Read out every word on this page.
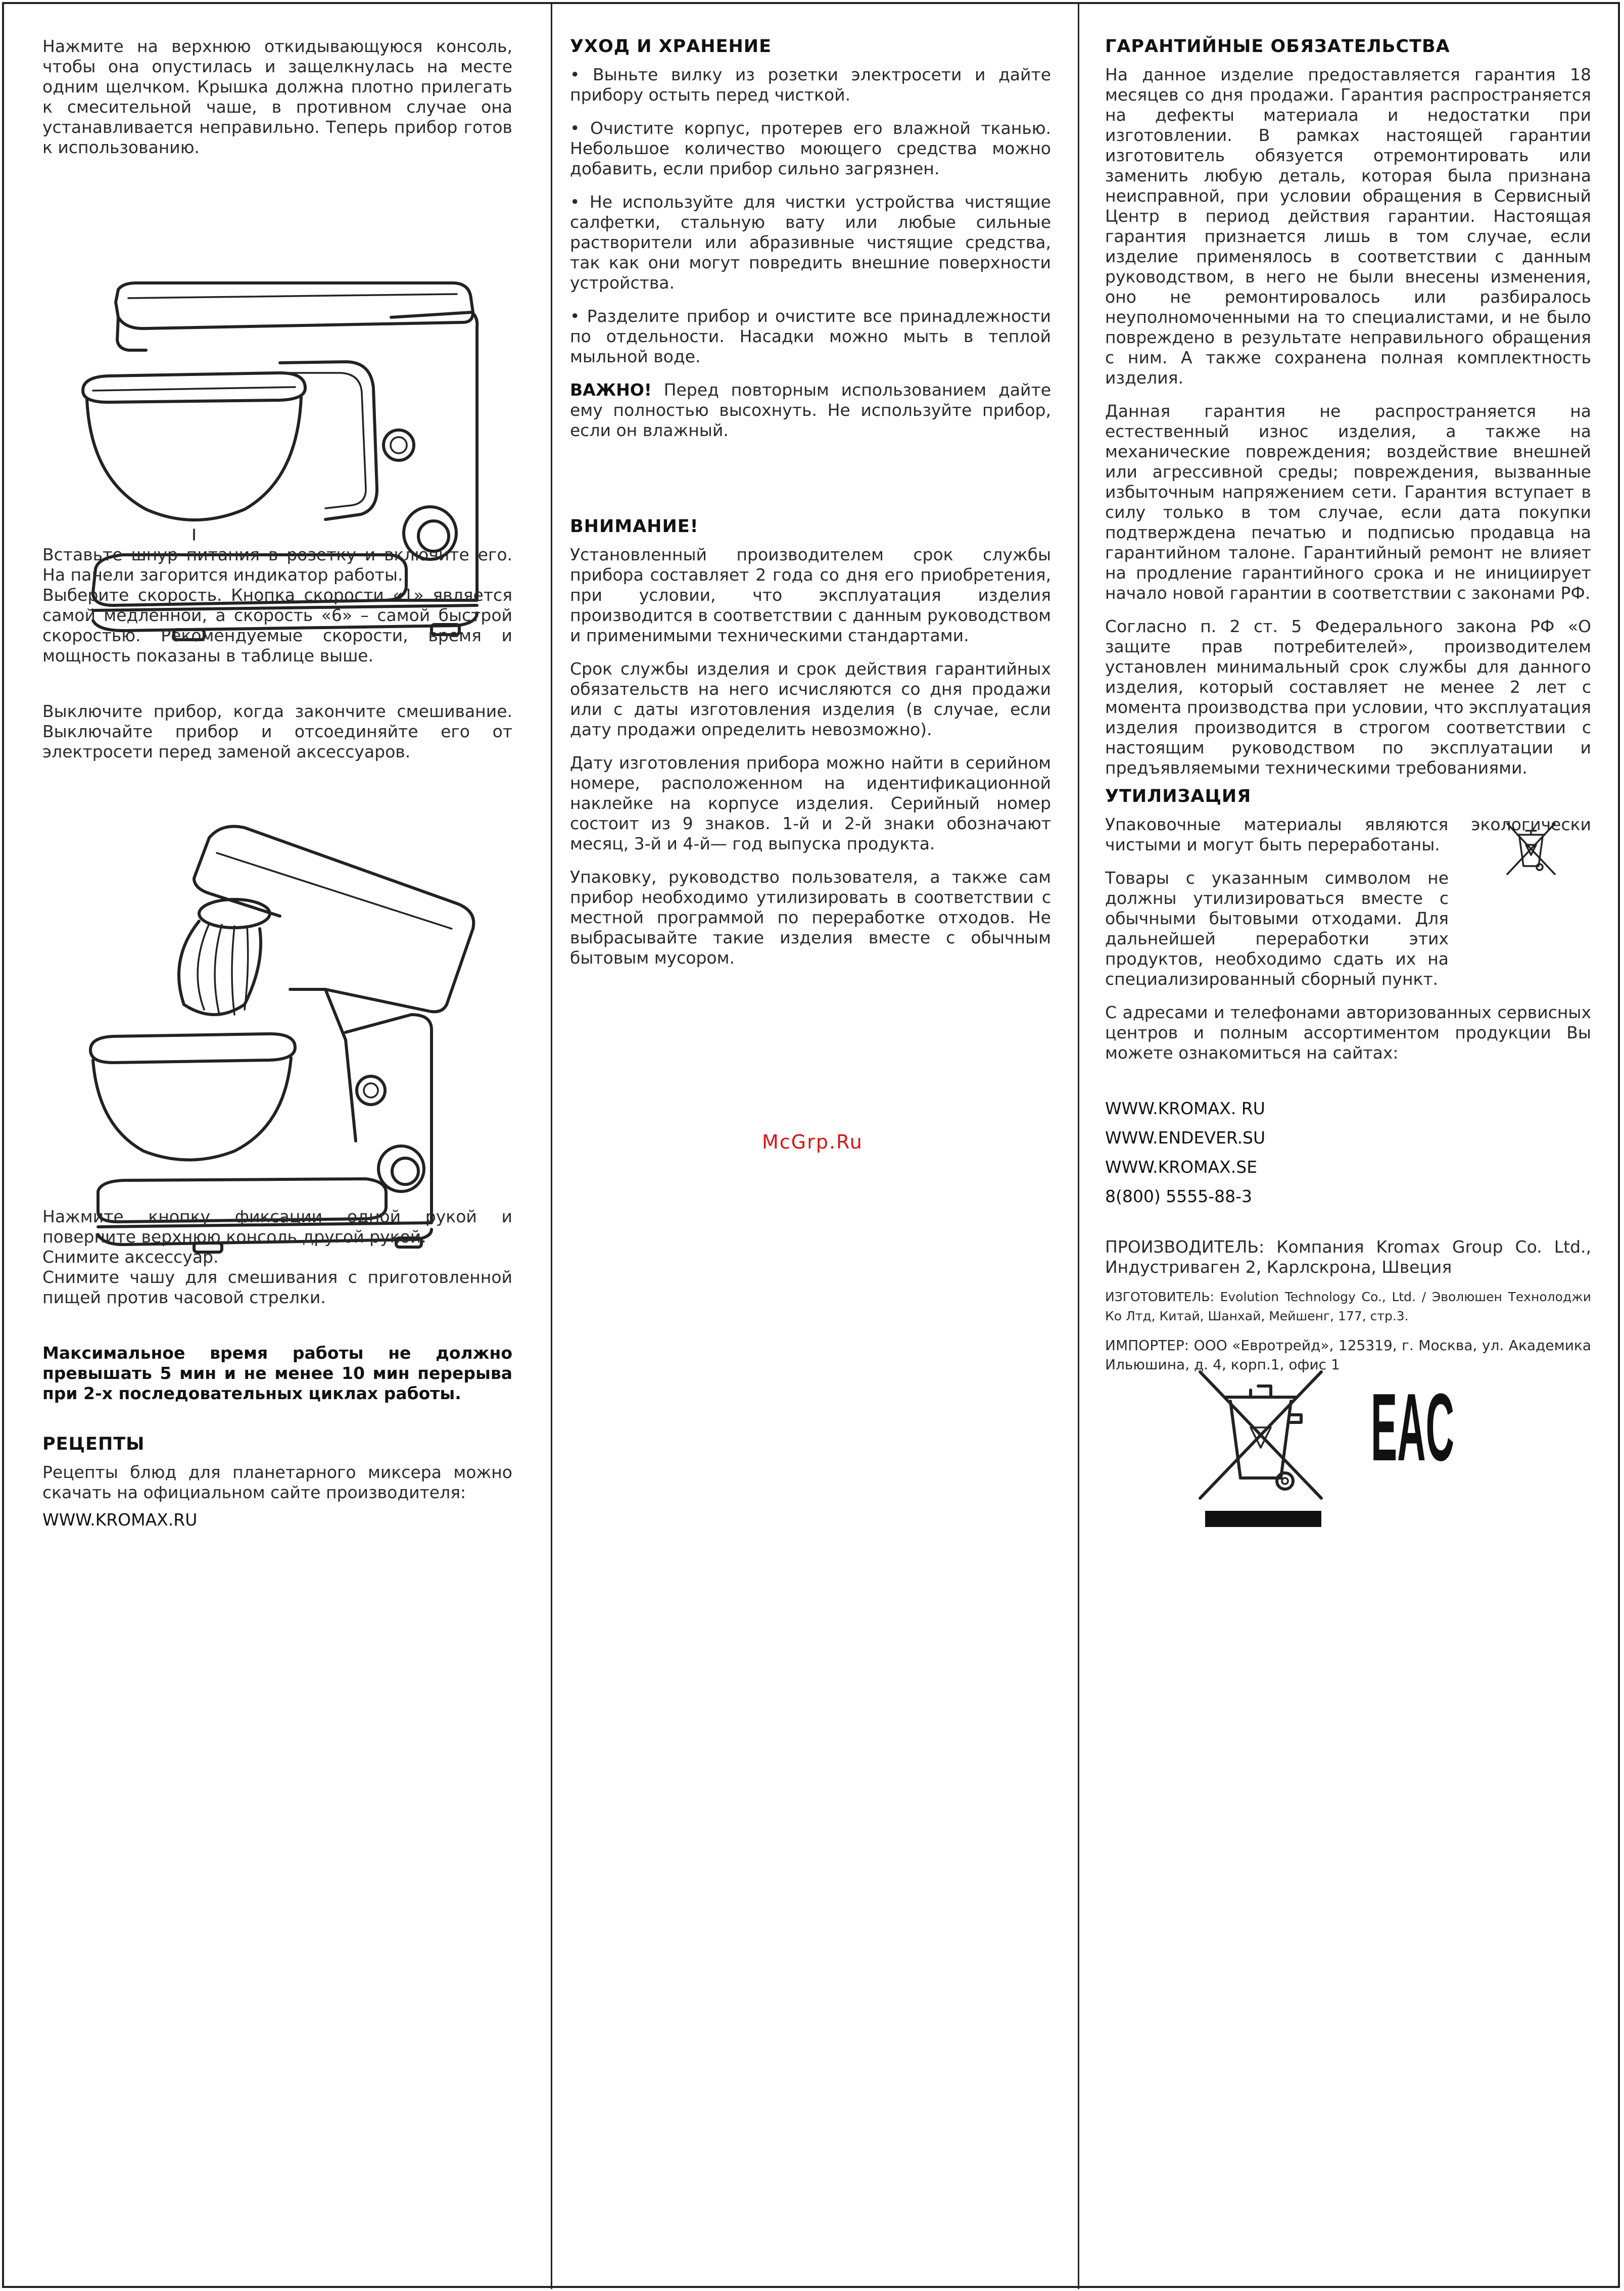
Нажмите на верхнюю откидывающуюся консоль, чтобы она опустилась и защелкнулась на месте одним щелчком. Крышка должна плотно прилегать к смесительной чаше, в противном случае она устанавливается неправильно. Теперь прибор готов к использованию.

Вставьте шнур питания в розетку и включите его. На панели загорится индикатор работы.

Выберите скорость. Кнопка скорости «1» является самой медленной, а скорость «6» – самой быстрой скоростью. Рекомендуемые скорости, время и мощность показаны в таблице выше.

Выключите прибор, когда закончите смешивание. Выключайте прибор и отсоединяйте его от электросети перед заменой аксессуаров.

Нажмите кнопку фиксации одной рукой и поверните верхнюю консоль другой рукой.

Снимите аксессуар.

Снимите чашу для смешивания с приготовленной пищей против часовой стрелки.

Максимальное время работы не должно превышать 5 мин и не менее 10 мин перерыва при 2-х последовательных циклах работы.

РЕЦЕПТЫ

Рецепты блюд для планетарного миксера можно скачать на официальном сайте производителя:

WWW.KROMAX.RU
УХОД И ХРАНЕНИЕ

• Выньте вилку из розетки электросети и дайте прибору остыть перед чисткой.

• Очистите корпус, протерев его влажной тканью. Небольшое количество моющего средства можно добавить, если прибор сильно загрязнен.

• Не используйте для чистки устройства чистящие салфетки, стальную вату или любые сильные растворители или абразивные чистящие средства, так как они могут повредить внешние поверхности устройства.

• Разделите прибор и очистите все принадлежности по отдельности. Насадки можно мыть в теплой мыльной воде.

ВАЖНО! Перед повторным использованием дайте ему полностью высохнуть. Не используйте прибор, если он влажный.

ВНИМАНИЕ!

Установленный производителем срок службы прибора составляет 2 года со дня его приобретения, при условии, что эксплуатация изделия производится в соответствии с данным руководством и применимыми техническими стандартами.

Срок службы изделия и срок действия гарантийных обязательств на него исчисляются со дня продажи или с даты изготовления изделия (в случае, если дату продажи определить невозможно).

Дату изготовления прибора можно найти в серийном номере, расположенном на идентификационной наклейке на корпусе изделия. Серийный номер состоит из 9 знаков. 1-й и 2-й знаки обозначают месяц, 3-й и 4-й— год выпуска продукта.

Упаковку, руководство пользователя, а также сам прибор необходимо утилизировать в соответствии с местной программой по переработке отходов. Не выбрасывайте такие изделия вместе с обычным бытовым мусором.

McGrp.Ru
ГАРАНТИЙНЫЕ ОБЯЗАТЕЛЬСТВА

На данное изделие предоставляется гарантия 18 месяцев со дня продажи. Гарантия распространяется на дефекты материала и недостатки при изготовлении. В рамках настоящей гарантии изготовитель обязуется отремонтировать или заменить любую деталь, которая была признана неисправной, при условии обращения в Сервисный Центр в период действия гарантии. Настоящая гарантия признается лишь в том случае, если изделие применялось в соответствии с данным руководством, в него не были внесены изменения, оно не ремонтировалось или разбиралось неуполномоченными на то специалистами, и не было повреждено в результате неправильного обращения с ним. А также сохранена полная комплектность изделия.

Данная гарантия не распространяется на естественный износ изделия, а также на механические повреждения; воздействие внешней или агрессивной среды; повреждения, вызванные избыточным напряжением сети. Гарантия вступает в силу только в том случае, если дата покупки подтверждена печатью и подписью продавца на гарантийном талоне. Гарантийный ремонт не влияет на продление гарантийного срока и не инициирует начало новой гарантии в соответствии с законами РФ.

Согласно п. 2 ст. 5 Федерального закона РФ «О защите прав потребителей», производителем установлен минимальный срок службы для данного изделия, который составляет не менее 2 лет с момента производства при условии, что эксплуатация изделия производится в строгом соответствии с настоящим руководством по эксплуатации и предъявляемыми техническими требованиями.

УТИЛИЗАЦИЯ

Упаковочные материалы являются экологически чистыми и могут быть переработаны.

Товары с указанным символом не должны утилизироваться вместе с обычными бытовыми отходами. Для дальнейшей переработки этих продуктов, необходимо сдать их на специализированный сборный пункт.

С адресами и телефонами авторизованных сервисных центров и полным ассортиментом продукции Вы можете ознакомиться на сайтах:

WWW.KROMAX. RU
WWW.ENDEVER.SU
WWW.KROMAX.SE
8(800) 5555-88-3

ПРОИЗВОДИТЕЛЬ: Компания Kromax Group Co. Ltd., Индустриваген 2, Карлскрона, Швеция

ИЗГОТОВИТЕЛЬ: Evolution Technology Co., Ltd. / Эволюшен Технолоджи Ко Лтд, Китай, Шанхай, Мейшенг, 177, стр.3.

ИМПОРТЕР: ООО «Евротрейд», 125319, г. Москва, ул. Академика Ильюшина, д. 4, корп.1, офис 1

EAC
